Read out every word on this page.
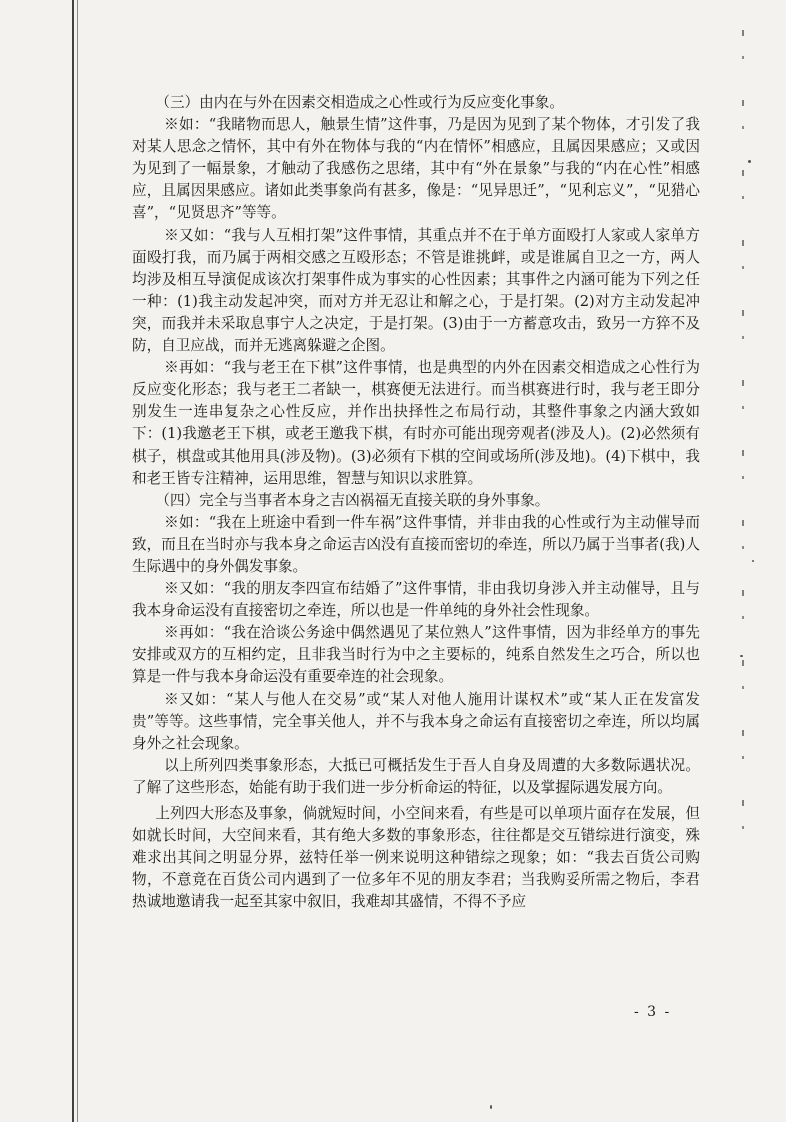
（三）由内在与外在因素交相造成之心性或行为反应变化事象。

※如：“我睹物而思人，触景生情”这件事，乃是因为见到了某个物体，才引发了我对某人思念之情怀，其中有外在物体与我的“内在情怀”相感应，且属因果感应；又或因为见到了一幅景象，才触动了我感伤之思绪，其中有“外在景象”与我的“内在心性”相感应，且属因果感应。诸如此类事象尚有甚多，像是：“见异思迁”，“见利忘义”，“见猎心喜”，“见贤思齐”等等。

※又如：“我与人互相打架”这件事情，其重点并不在于单方面殴打人家或人家单方面殴打我，而乃属于两相交感之互殴形态；不管是谁挑衅，或是谁属自卫之一方，两人均涉及相互导演促成该次打架事件成为事实的心性因素；其事件之内涵可能为下列之任一种：(1)我主动发起冲突，而对方并无忍让和解之心，于是打架。(2)对方主动发起冲突，而我并未采取息事宁人之决定，于是打架。(3)由于一方蓄意攻击，致另一方猝不及防，自卫应战，而并无逃离躲避之企图。

※再如：“我与老王在下棋”这件事情，也是典型的内外在因素交相造成之心性行为反应变化形态；我与老王二者缺一，棋赛便无法进行。而当棋赛进行时，我与老王即分别发生一连串复杂之心性反应，并作出抉择性之布局行动，其整件事象之内涵大致如下：(1)我邀老王下棋，或老王邀我下棋，有时亦可能出现旁观者(涉及人)。(2)必然须有棋子，棋盘或其他用具(涉及物)。(3)必须有下棋的空间或场所(涉及地)。(4)下棋中，我和老王皆专注精神，运用思维，智慧与知识以求胜算。

（四）完全与当事者本身之吉凶祸福无直接关联的身外事象。

※如：“我在上班途中看到一件车祸”这件事情，并非由我的心性或行为主动催导而致，而且在当时亦与我本身之命运吉凶没有直接而密切的牵连，所以乃属于当事者(我)人生际遇中的身外偶发事象。

※又如：“我的朋友李四宣布结婚了”这件事情，非由我切身涉入并主动催导，且与我本身命运没有直接密切之牵连，所以也是一件单纯的身外社会性现象。

※再如：“我在洽谈公务途中偶然遇见了某位熟人”这件事情，因为非经单方的事先安排或双方的互相约定，且非我当时行为中之主要标的，纯系自然发生之巧合，所以也算是一件与我本身命运没有重要牵连的社会现象。

※又如：“某人与他人在交易”或“某人对他人施用计谋权术”或“某人正在发富发贵”等等。这些事情，完全事关他人，并不与我本身之命运有直接密切之牵连，所以均属身外之社会现象。

以上所列四类事象形态，大抵已可概括发生于吾人自身及周遭的大多数际遇状况。了解了这些形态，始能有助于我们进一步分析命运的特征，以及掌握际遇发展方向。

上列四大形态及事象，倘就短时间，小空间来看，有些是可以单项片面存在发展，但如就长时间，大空间来看，其有绝大多数的事象形态，往往都是交互错综进行演变，殊难求出其间之明显分界，兹特任举一例来说明这种错综之现象；如：“我去百货公司购物，不意竟在百货公司内遇到了一位多年不见的朋友李君；当我购妥所需之物后，李君热诚地邀请我一起至其家中叙旧，我难却其盛情，不得不予应

- 3 -
